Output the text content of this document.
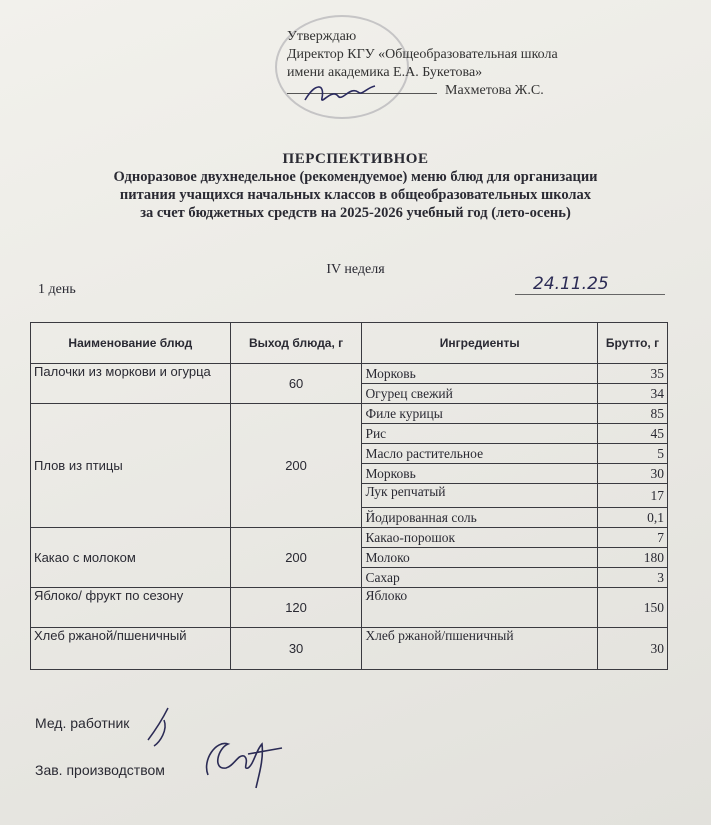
Утверждаю
Директор КГУ «Общеобразовательная школа
имени академика Е.А. Букетова»
Махметова Ж.С.
ПЕРСПЕКТИВНОЕ
Одноразовое двухнедельное (рекомендуемое) меню блюд для организации
питания учащихся начальных классов в общеобразовательных школах
за счет бюджетных средств на 2025-2026 учебный год (лето-осень)
IV неделя
1 день	24.11.25
Наименование блюд	Выход блюда, г	Ингредиенты	Брутто, г
Палочки из моркови и огурца	60	Морковь	35
		Огурец свежий	34
Плов из птицы	200	Филе курицы	85
		Рис	45
		Масло растительное	5
		Морковь	30
		Лук репчатый	17
		Йодированная соль	0,1
Какао с молоком	200	Какао-порошок	7
		Молоко	180
		Сахар	3
Яблоко/ фрукт по сезону	120	Яблоко	150
Хлеб ржаной/пшеничный	30	Хлеб ржаной/пшеничный	30
Мед. работник
Зав. производством
